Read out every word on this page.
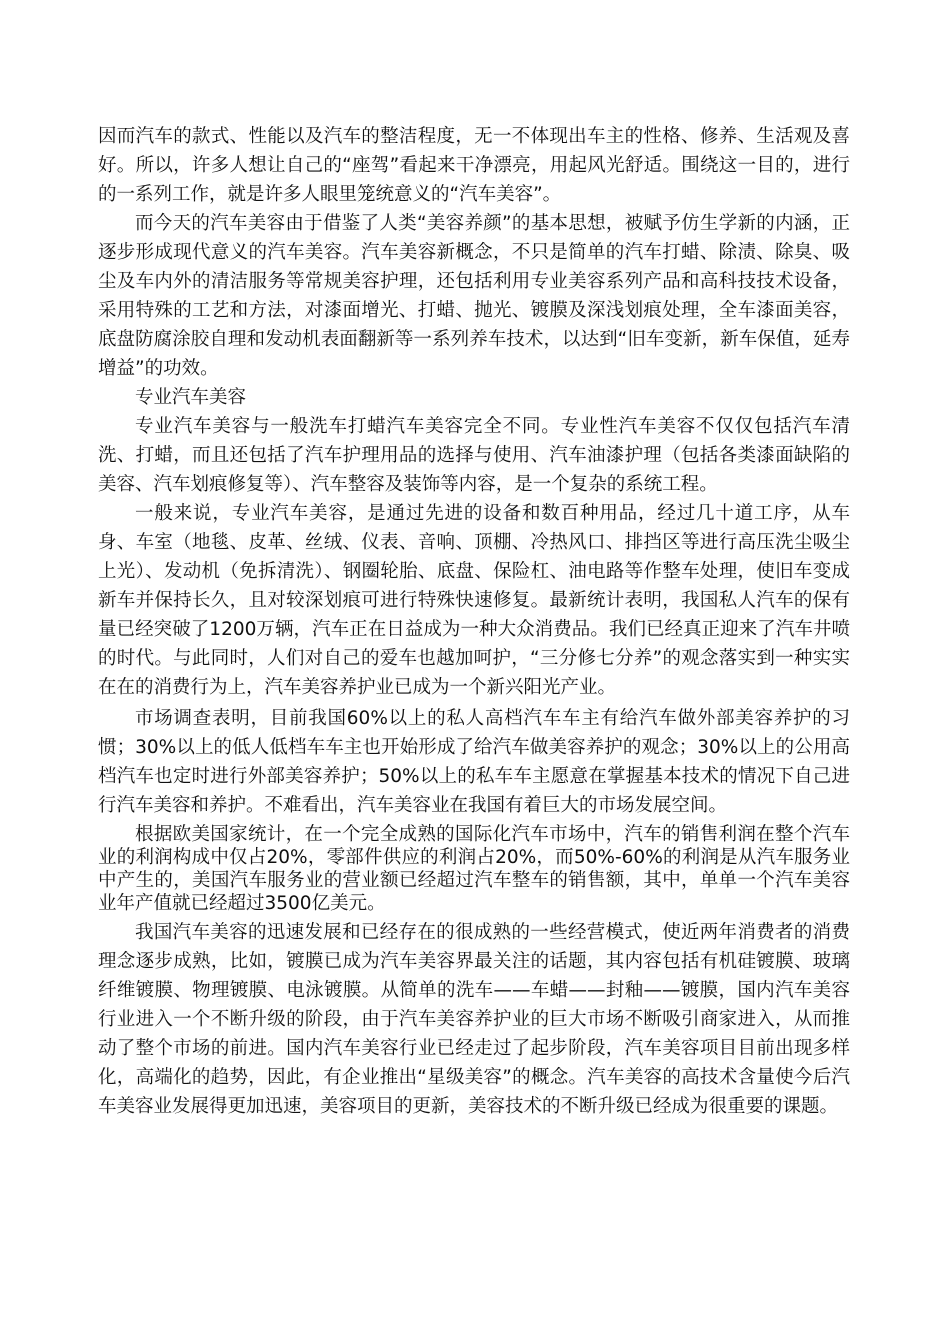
因而汽车的款式、性能以及汽车的整洁程度，无一不体现出车主的性格、修养、生活观及喜好。所以，许多人想让自己的“座驾”看起来干净漂亮，用起风光舒适。围绕这一目的，进行的一系列工作，就是许多人眼里笼统意义的“汽车美容”。

而今天的汽车美容由于借鉴了人类“美容养颜”的基本思想，被赋予仿生学新的内涵，正逐步形成现代意义的汽车美容。汽车美容新概念，不只是简单的汽车打蜡、除渍、除臭、吸尘及车内外的清洁服务等常规美容护理，还包括利用专业美容系列产品和高科技技术设备，采用特殊的工艺和方法，对漆面增光、打蜡、抛光、镀膜及深浅划痕处理，全车漆面美容，底盘防腐涂胶自理和发动机表面翻新等一系列养车技术，以达到“旧车变新，新车保值，延寿增益”的功效。

专业汽车美容

专业汽车美容与一般洗车打蜡汽车美容完全不同。专业性汽车美容不仅仅包括汽车清洗、打蜡，而且还包括了汽车护理用品的选择与使用、汽车油漆护理（包括各类漆面缺陷的美容、汽车划痕修复等）、汽车整容及装饰等内容，是一个复杂的系统工程。

一般来说，专业汽车美容，是通过先进的设备和数百种用品，经过几十道工序，从车身、车室（地毯、皮革、丝绒、仪表、音响、顶棚、冷热风口、排挡区等进行高压洗尘吸尘上光）、发动机（免拆清洗）、钢圈轮胎、底盘、保险杠、油电路等作整车处理，使旧车变成新车并保持长久，且对较深划痕可进行特殊快速修复。最新统计表明，我国私人汽车的保有量已经突破了1200万辆，汽车正在日益成为一种大众消费品。我们已经真正迎来了汽车井喷的时代。与此同时，人们对自己的爱车也越加呵护，“三分修七分养”的观念落实到一种实实在在的消费行为上，汽车美容养护业已成为一个新兴阳光产业。

市场调查表明，目前我国60%以上的私人高档汽车车主有给汽车做外部美容养护的习惯；30%以上的低人低档车车主也开始形成了给汽车做美容养护的观念；30%以上的公用高档汽车也定时进行外部美容养护；50%以上的私车车主愿意在掌握基本技术的情况下自己进行汽车美容和养护。不难看出，汽车美容业在我国有着巨大的市场发展空间。

根据欧美国家统计，在一个完全成熟的国际化汽车市场中，汽车的销售利润在整个汽车业的利润构成中仅占20%，零部件供应的利润占20%，而50%-60%的利润是从汽车服务业中产生的，美国汽车服务业的营业额已经超过汽车整车的销售额，其中，单单一个汽车美容业年产值就已经超过3500亿美元。

我国汽车美容的迅速发展和已经存在的很成熟的一些经营模式，使近两年消费者的消费理念逐步成熟，比如，镀膜已成为汽车美容界最关注的话题，其内容包括有机硅镀膜、玻璃纤维镀膜、物理镀膜、电泳镀膜。从简单的洗车——车蜡——封釉——镀膜，国内汽车美容行业进入一个不断升级的阶段，由于汽车美容养护业的巨大市场不断吸引商家进入，从而推动了整个市场的前进。国内汽车美容行业已经走过了起步阶段，汽车美容项目目前出现多样化，高端化的趋势，因此，有企业推出“星级美容”的概念。汽车美容的高技术含量使今后汽车美容业发展得更加迅速，美容项目的更新，美容技术的不断升级已经成为很重要的课题。
